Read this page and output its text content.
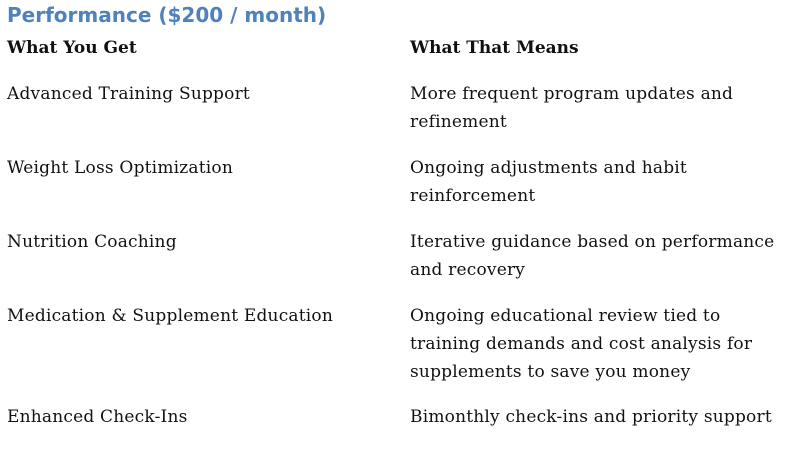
Performance ($200 / month)
What You Get	What That Means
Advanced Training Support	More frequent program updates and refinement
Weight Loss Optimization	Ongoing adjustments and habit reinforcement
Nutrition Coaching	Iterative guidance based on performance and recovery
Medication & Supplement Education	Ongoing educational review tied to training demands and cost analysis for supplements to save you money
Enhanced Check-Ins	Bimonthly check-ins and priority support
